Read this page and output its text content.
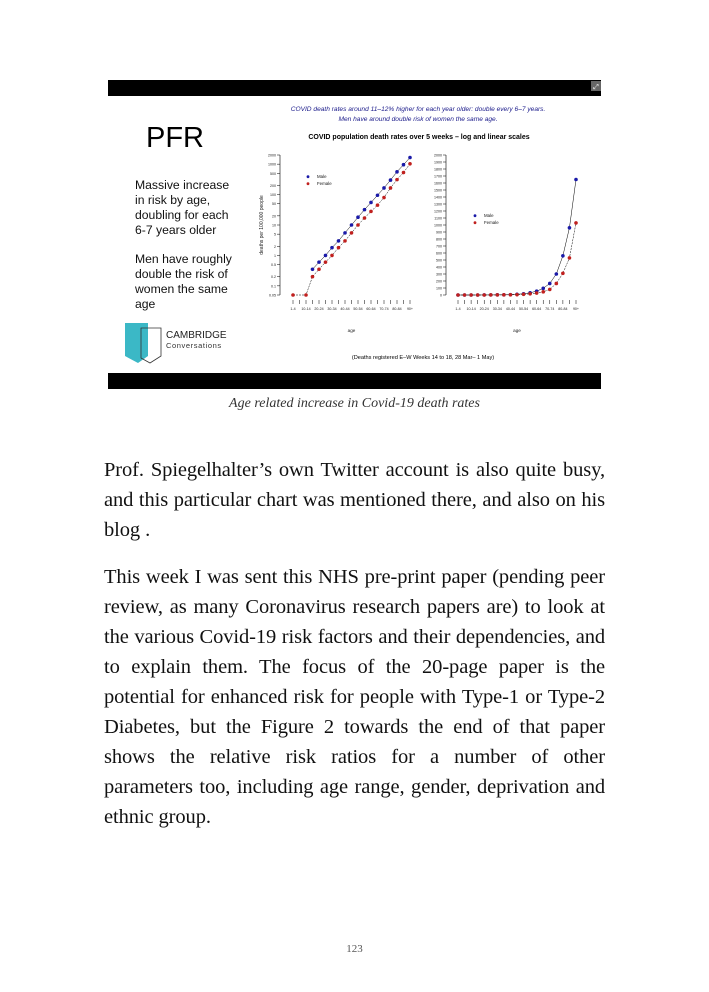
⤢
PFR
Massive increase
in risk by age,
doubling for each
6-7 years older
Men have roughly
double the risk of
women the same
age
CAMBRIDGE
Conversations
COVID death rates around 11–12% higher for each year older: double every 6–7 years.
Men have around double risk of women the same age.
COVID population death rates over 5 weeks – log and linear scales
0.05
0.1
0.2
0.5
1
2
5
10
20
50
100
200
500
1000
2000
1-4 10-14 20-24 30-34 40-44 50-54 60-64 70-74 80-84 90+
age
deaths per 100,000 people
Male
Female
0
100
200
300
400
500
600
700
800
900
1000
1100
1200
1300
1400
1500
1600
1700
1800
1900
2000
1-4 10-14 20-24 30-34 40-44 50-54 60-64 70-74 80-84 90+
age
Male
Female
(Deaths registered E–W Weeks 14 to 18, 28 Mar– 1 May)
Age related increase in Covid-19 death rates

Prof. Spiegelhalter’s own Twitter account is also quite busy, and this particular chart was mentioned there, and also on his blog .

This week I was sent this NHS pre-print paper (pending peer review, as many Coronavirus research papers are) to look at the various Covid-19 risk factors and their dependencies, and to explain them. The focus of the 20-page paper is the potential for enhanced risk for people with Type-1 or Type-2 Diabetes, but the Figure 2 towards the end of that paper shows the relative risk ratios for a number of other parameters too, including age range, gender, deprivation and ethnic group.

123
